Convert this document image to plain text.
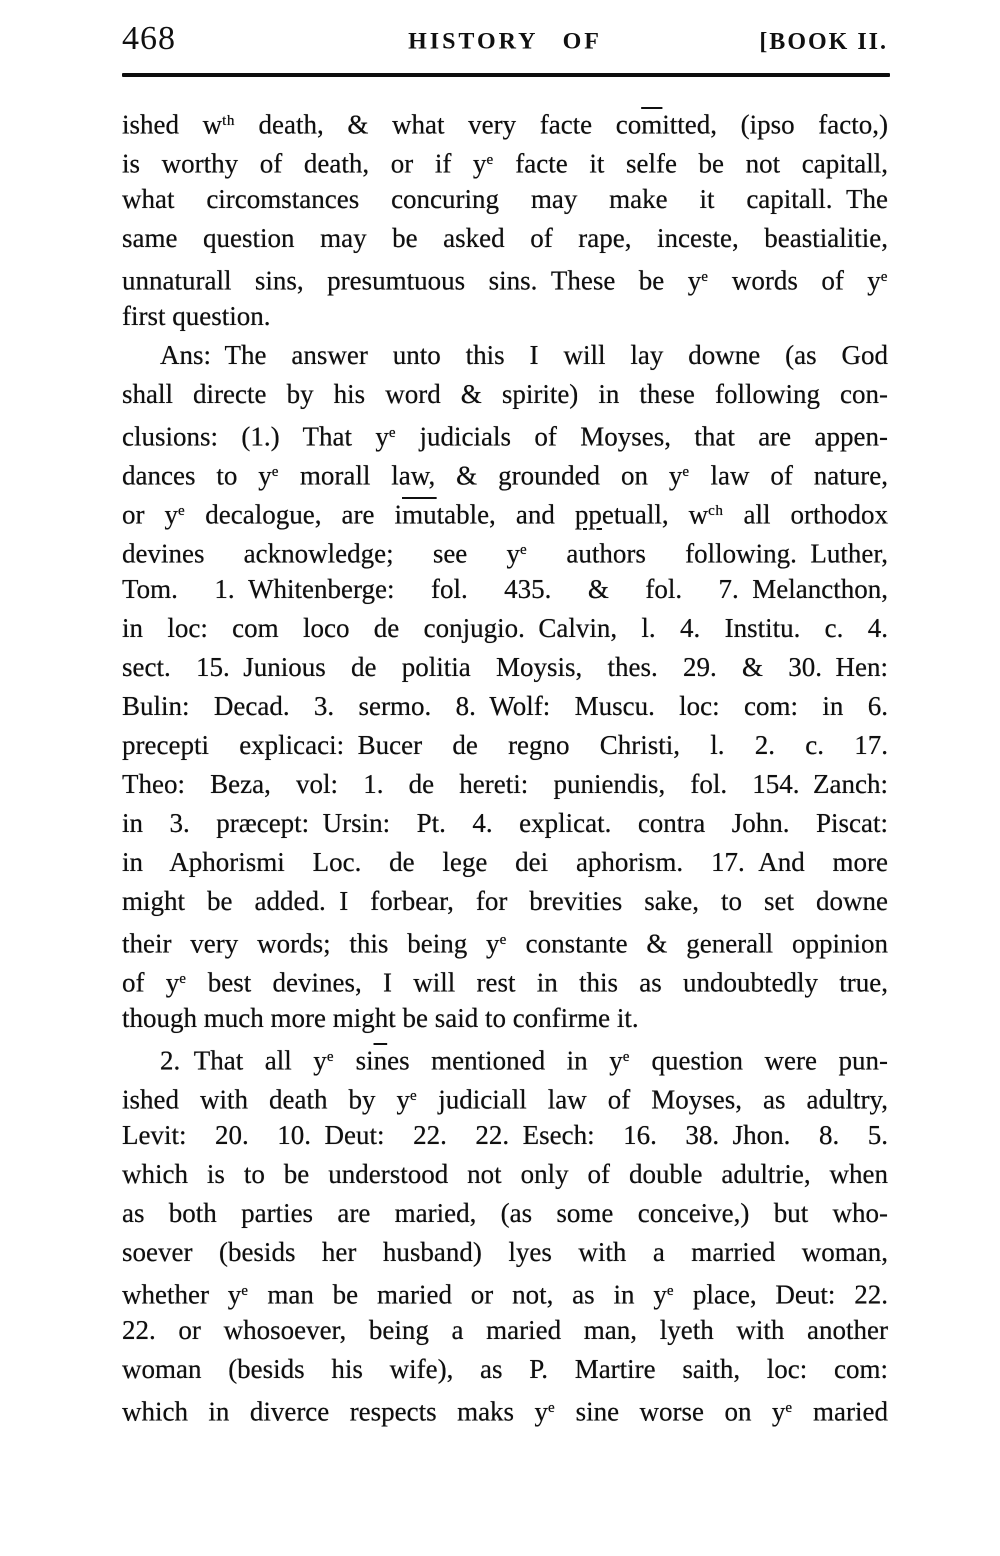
468	HISTORY OF	[BOOK II.
ished $w^{th}$ death, & what very facte $co\overline{m}itted$, (ipso facto,)
is worthy of death, or if $y^e$ facte it selfe be not capitall,
what circomstances concuring may make it capitall. The
same question may be asked of rape, inceste, beastialitie,
unnaturall sins, presumtuous sins. These be $y^e$ words of $y^e$
first question.
Ans: The answer unto this I will lay downe (as God
shall directe by his word & spirite) in these following con-
clusions: (1.) That $y^e$ judicials of Moyses, that are appen-
dances to $y^e$ morall law, & grounded on $y^e$ law of nature,
or $y^e$ decalogue, are $i\overline{mu}table$, and ppetuall, $w^{ch}$ all orthodox
devines acknowledge; see $y^e$ authors following. Luther,
Tom. 1. Whitenberge: fol. 435. & fol. 7. Melancthon,
in loc: com loco de conjugio. Calvin, l. 4. Institu. c. 4.
sect. 15. Junious de politia Moysis, thes. 29. & 30. Hen:
Bulin: Decad. 3. sermo. 8. Wolf: Muscu. loc: com: in 6.
precepti explicaci: Bucer de regno Christi, l. 2. c. 17.
Theo: Beza, vol: 1. de hereti: puniendis, fol. 154. Zanch:
in 3. præcept: Ursin: Pt. 4. explicat. contra John. Piscat:
in Aphorismi Loc. de lege dei aphorism. 17. And more
might be added. I forbear, for brevities sake, to set downe
their very words; this being $y^e$ constante & generall oppinion
of $y^e$ best devines, I will rest in this as undoubtedly true,
though much more might be said to confirme it.
2. That all $y^e$ $si\overline{n}es$ mentioned in $y^e$ question were pun-
ished with death by $y^e$ judiciall law of Moyses, as adultry,
Levit: 20. 10. Deut: 22. 22. Esech: 16. 38. Jhon. 8. 5.
which is to be understood not only of double adultrie, when
as both parties are maried, (as some conceive,) but who-
soever (besids her husband) lyes with a married woman,
whether $y^e$ man be maried or not, as in $y^e$ place, Deut: 22.
22. or whosoever, being a maried man, lyeth with another
woman (besids his wife), as P. Martire saith, loc: com:
which in diverce respects maks $y^e$ sine worse on $y^e$ maried
